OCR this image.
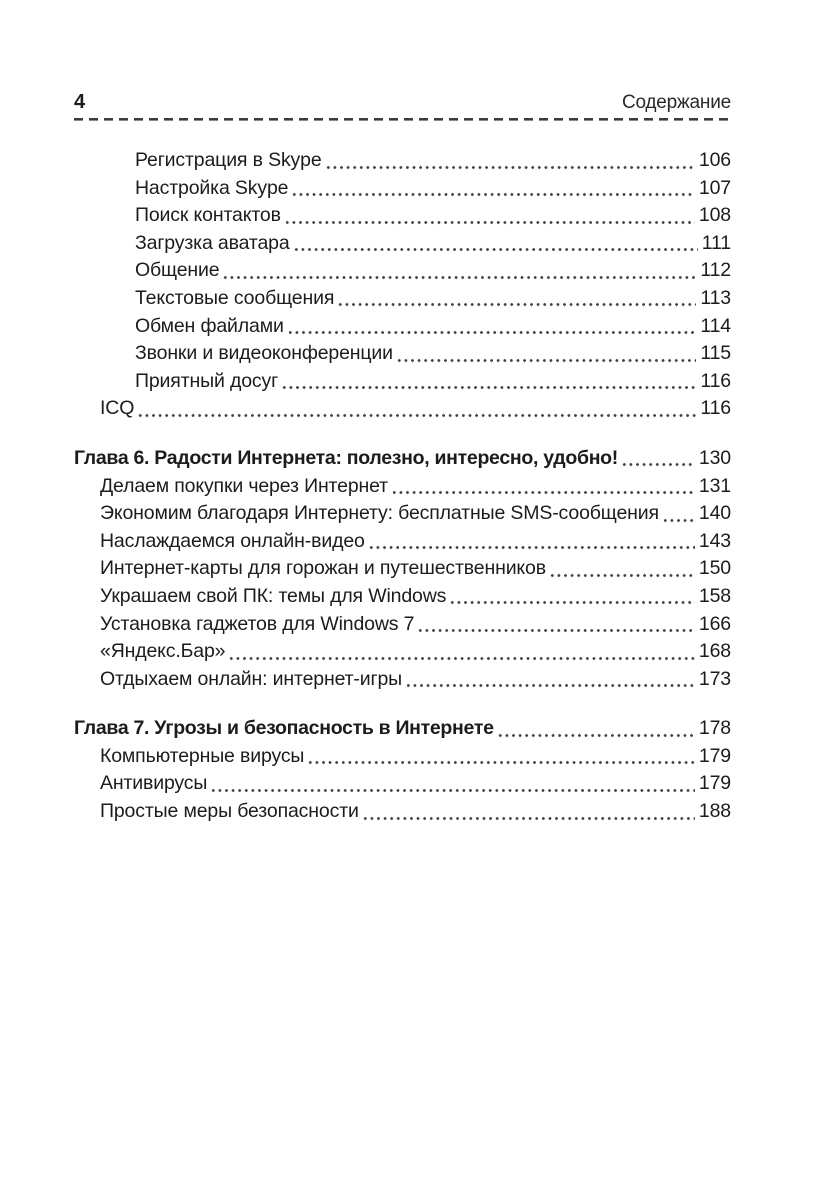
4	Содержание
Регистрация в Skype	106
Настройка Skype	107
Поиск контактов	108
Загрузка аватара	111
Общение	112
Текстовые сообщения	113
Обмен файлами	114
Звонки и видеоконференции	115
Приятный досуг	116
ICQ	116
Глава 6. Радости Интернета: полезно, интересно, удобно!	130
Делаем покупки через Интернет	131
Экономим благодаря Интернету: бесплатные SMS-сообщения 140
Наслаждаемся онлайн-видео	143
Интернет-карты для горожан и путешественников	150
Украшаем свой ПК: темы для Windows	158
Установка гаджетов для Windows 7	166
«Яндекс.Бар»	168
Отдыхаем онлайн: интернет-игры	173
Глава 7. Угрозы и безопасность в Интернете	178
Компьютерные вирусы	179
Антивирусы	179
Простые меры безопасности	188
